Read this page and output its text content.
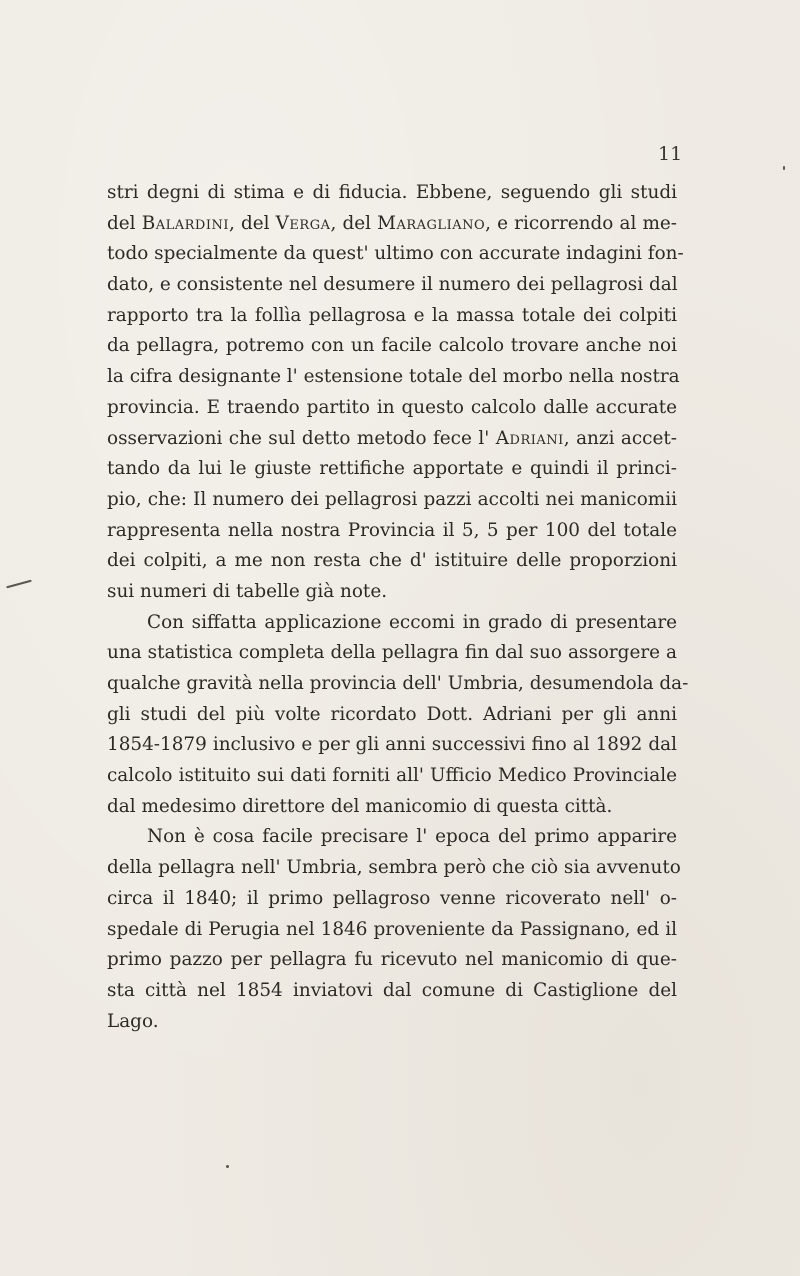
11
stri degni di stima e di fiducia. Ebbene, seguendo gli studi
del Balardini, del Verga, del Maragliano, e ricorrendo al me-
todo specialmente da quest' ultimo con accurate indagini fon-
dato, e consistente nel desumere il numero dei pellagrosi dal
rapporto tra la follìa pellagrosa e la massa totale dei colpiti
da pellagra, potremo con un facile calcolo trovare anche noi
la cifra designante l' estensione totale del morbo nella nostra
provincia. E traendo partito in questo calcolo dalle accurate
osservazioni che sul detto metodo fece l' Adriani, anzi accet-
tando da lui le giuste rettifiche apportate e quindi il princi-
pio, che: Il numero dei pellagrosi pazzi accolti nei manicomii
rappresenta nella nostra Provincia il 5, 5 per 100 del totale
dei colpiti, a me non resta che d' istituire delle proporzioni
sui numeri di tabelle già note.
Con siffatta applicazione eccomi in grado di presentare
una statistica completa della pellagra fin dal suo assorgere a
qualche gravità nella provincia dell' Umbria, desumendola da-
gli studi del più volte ricordato Dott. Adriani per gli anni
1854-1879 inclusivo e per gli anni successivi fino al 1892 dal
calcolo istituito sui dati forniti all' Ufficio Medico Provinciale
dal medesimo direttore del manicomio di questa città.
Non è cosa facile precisare l' epoca del primo apparire
della pellagra nell' Umbria, sembra però che ciò sia avvenuto
circa il 1840; il primo pellagroso venne ricoverato nell' o-
spedale di Perugia nel 1846 proveniente da Passignano, ed il
primo pazzo per pellagra fu ricevuto nel manicomio di que-
sta città nel 1854 inviatovi dal comune di Castiglione del
Lago.
